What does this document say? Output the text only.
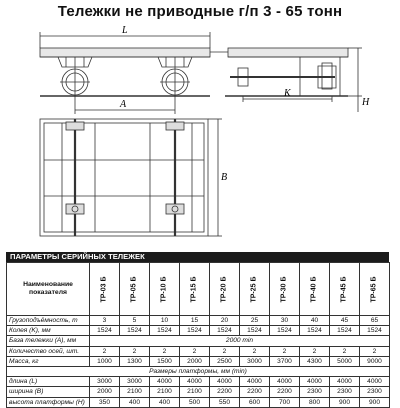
Тележки не приводные г/п 3 - 65 тонн
L
A
K
H
B
ПАРАМЕТРЫ СЕРИЙНЫХ ТЕЛЕЖЕК
Наименование показателя	ТР-03 Б	ТР-05 Б	ТР-10 Б	ТР-15 Б	ТР-20 Б	ТР-25 Б	ТР-30 Б	ТР-40 Б	ТР-45 Б	ТР-65 Б
Грузоподъёмность, т	3	5	10	15	20	25	30	40	45	65
Колея (K), мм	1524	1524	1524	1524	1524	1524	1524	1524	1524	1524
База тележки (А), мм	2000 min									
Количество осей, шт.	2	2	2	2	2	2	2	2	2	2
Масса, кг	1000	1300	1500	2000	2500	3000	3700	4300	5000	9000
Размеры платформы, мм (min)										
длина (L)	3000	3000	4000	4000	4000	4000	4000	4000	4000	4000
ширина (В)	2000	2100	2100	2100	2200	2200	2200	2300	2300	2300
высота платформы (Н)	350	400	400	500	550	600	700	800	900	900
